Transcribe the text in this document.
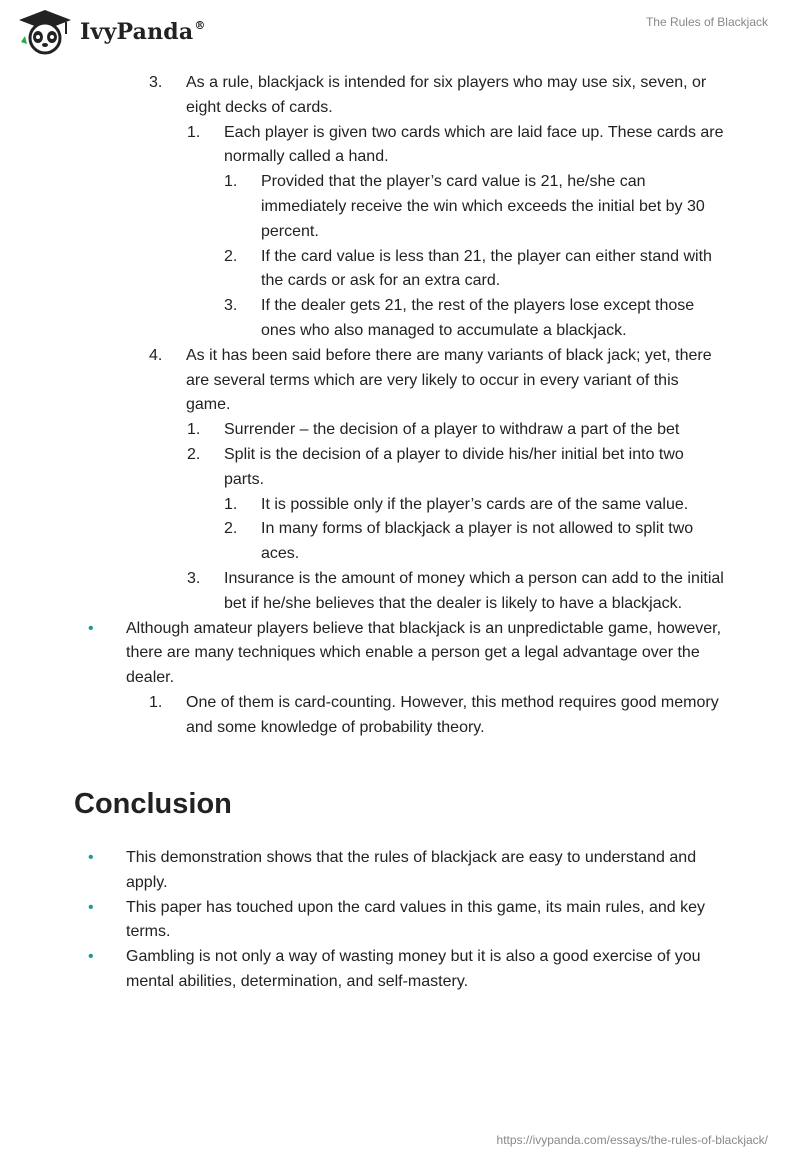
IvyPanda®	The Rules of Blackjack
3. As a rule, blackjack is intended for six players who may use six, seven, or eight decks of cards.
1. Each player is given two cards which are laid face up. These cards are normally called a hand.
1. Provided that the player’s card value is 21, he/she can immediately receive the win which exceeds the initial bet by 30 percent.
2. If the card value is less than 21, the player can either stand with the cards or ask for an extra card.
3. If the dealer gets 21, the rest of the players lose except those ones who also managed to accumulate a blackjack.
4. As it has been said before there are many variants of black jack; yet, there are several terms which are very likely to occur in every variant of this game.
1. Surrender – the decision of a player to withdraw a part of the bet
2. Split is the decision of a player to divide his/her initial bet into two parts.
1. It is possible only if the player’s cards are of the same value.
2. In many forms of blackjack a player is not allowed to split two aces.
3. Insurance is the amount of money which a person can add to the initial bet if he/she believes that the dealer is likely to have a blackjack.
• Although amateur players believe that blackjack is an unpredictable game, however, there are many techniques which enable a person get a legal advantage over the dealer.
1. One of them is card-counting. However, this method requires good memory and some knowledge of probability theory.
Conclusion
• This demonstration shows that the rules of blackjack are easy to understand and apply.
• This paper has touched upon the card values in this game, its main rules, and key terms.
• Gambling is not only a way of wasting money but it is also a good exercise of you mental abilities, determination, and self-mastery.
https://ivypanda.com/essays/the-rules-of-blackjack/
